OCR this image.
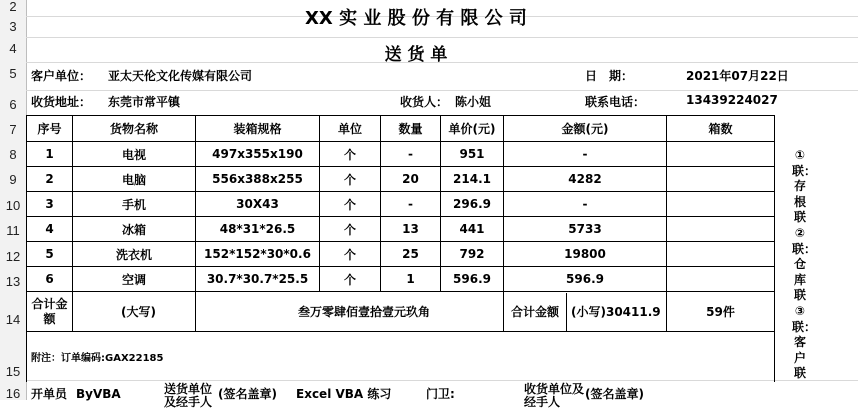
2
3
4
5
6
7
8
9
10
11
12
13
14
15
16
XX 实 业 股 份 有 限 公 司
送 货 单
客户单位： 亚太天伦文化传媒有限公司	日　期：	2021年07月22日
收货地址： 东莞市常平镇	收货人： 陈小姐	联系电话：	13439224027
序号	货物名称	装箱规格	单位	数量	单价(元)	金额(元)	箱数
1	电视	497x355x190	个	-	951	-	
2	电脑	556x388x255	个	20	214.1	4282	
3	手机	30X43	个	-	296.9	-	
4	冰箱	48*31*26.5	个	13	441	5733	
5	洗衣机	152*152*30*0.6	个	25	792	19800	
6	空调	30.7*30.7*25.5	个	1	596.9	596.9	
合计金额	(大写)	叁万零肆佰壹拾壹元玖角				合计金额 (小写)30411.9	59件
附注：订单编码:GAX22185							
①联：存根联②联：仓库联③联：客户联
开单员 ByVBA	送货单位
及经手人
(签名盖章) Excel VBA 练习	门卫:	收货单位及
经手人
(签名盖章)
